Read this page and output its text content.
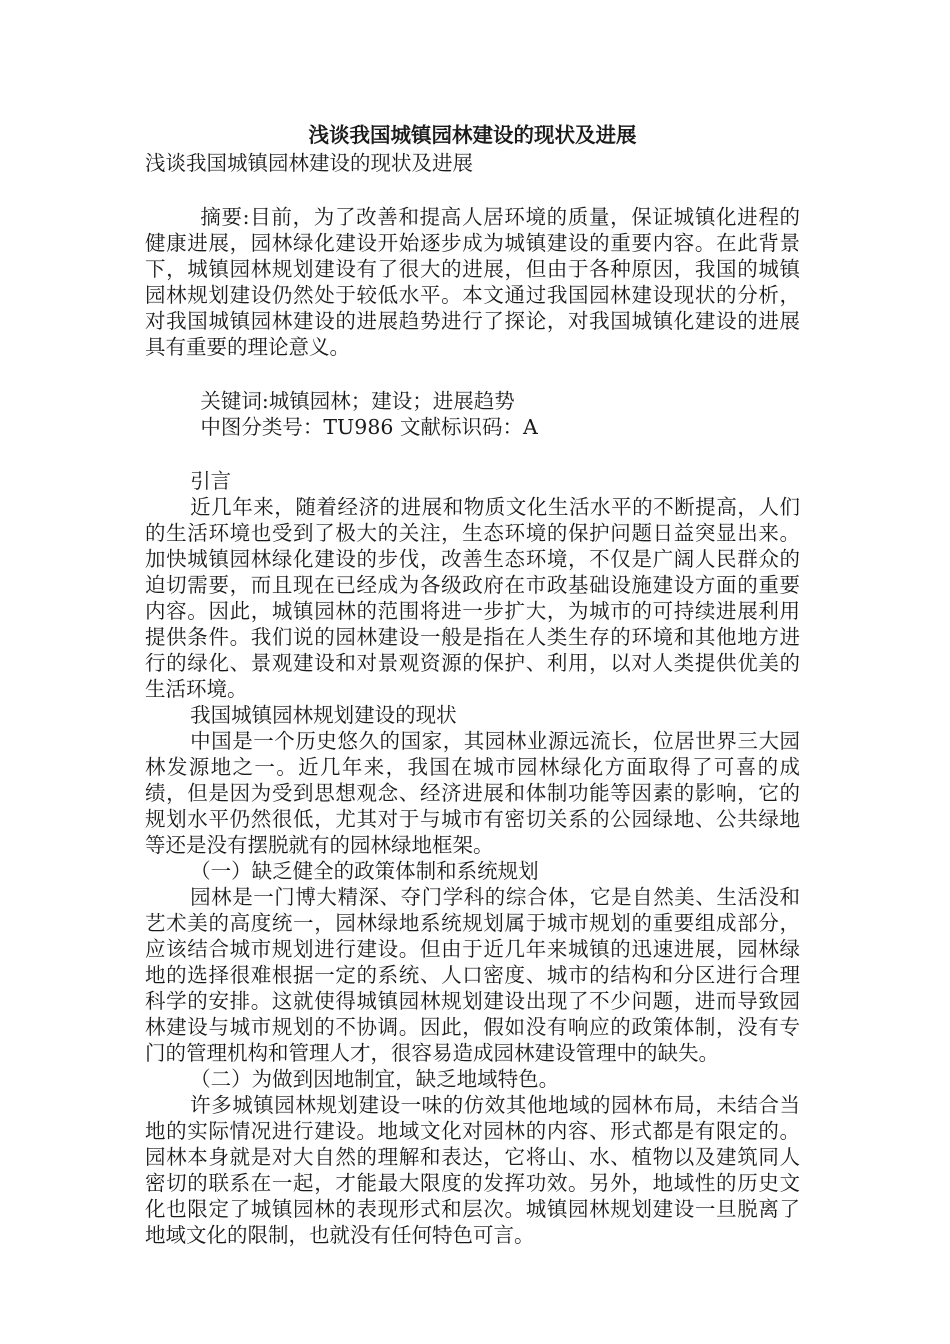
浅谈我国城镇园林建设的现状及进展

浅谈我国城镇园林建设的现状及进展

摘要:目前，为了改善和提高人居环境的质量，保证城镇化进程的健康进展，园林绿化建设开始逐步成为城镇建设的重要内容。在此背景下，城镇园林规划建设有了很大的进展，但由于各种原因，我国的城镇园林规划建设仍然处于较低水平。本文通过我国园林建设现状的分析，对我国城镇园林建设的进展趋势进行了探论，对我国城镇化建设的进展具有重要的理论意义。

关键词:城镇园林；建设；进展趋势

中图分类号：TU986 文献标识码：A

引言

近几年来，随着经济的进展和物质文化生活水平的不断提高，人们的生活环境也受到了极大的关注，生态环境的保护问题日益突显出来。加快城镇园林绿化建设的步伐，改善生态环境，不仅是广阔人民群众的迫切需要，而且现在已经成为各级政府在市政基础设施建设方面的重要内容。因此，城镇园林的范围将进一步扩大，为城市的可持续进展利用提供条件。我们说的园林建设一般是指在人类生存的环境和其他地方进行的绿化、景观建设和对景观资源的保护、利用，以对人类提供优美的生活环境。

我国城镇园林规划建设的现状

中国是一个历史悠久的国家，其园林业源远流长，位居世界三大园林发源地之一。近几年来，我国在城市园林绿化方面取得了可喜的成绩，但是因为受到思想观念、经济进展和体制功能等因素的影响，它的规划水平仍然很低，尤其对于与城市有密切关系的公园绿地、公共绿地等还是没有摆脱就有的园林绿地框架。

（一）缺乏健全的政策体制和系统规划

园林是一门博大精深、夺门学科的综合体，它是自然美、生活没和艺术美的高度统一，园林绿地系统规划属于城市规划的重要组成部分，应该结合城市规划进行建设。但由于近几年来城镇的迅速进展，园林绿地的选择很难根据一定的系统、人口密度、城市的结构和分区进行合理科学的安排。这就使得城镇园林规划建设出现了不少问题，进而导致园林建设与城市规划的不协调。因此，假如没有响应的政策体制，没有专门的管理机构和管理人才，很容易造成园林建设管理中的缺失。

（二）为做到因地制宜，缺乏地域特色。

许多城镇园林规划建设一味的仿效其他地域的园林布局，未结合当地的实际情况进行建设。地域文化对园林的内容、形式都是有限定的。园林本身就是对大自然的理解和表达，它将山、水、植物以及建筑同人密切的联系在一起，才能最大限度的发挥功效。另外，地域性的历史文化也限定了城镇园林的表现形式和层次。城镇园林规划建设一旦脱离了地域文化的限制，也就没有任何特色可言。
